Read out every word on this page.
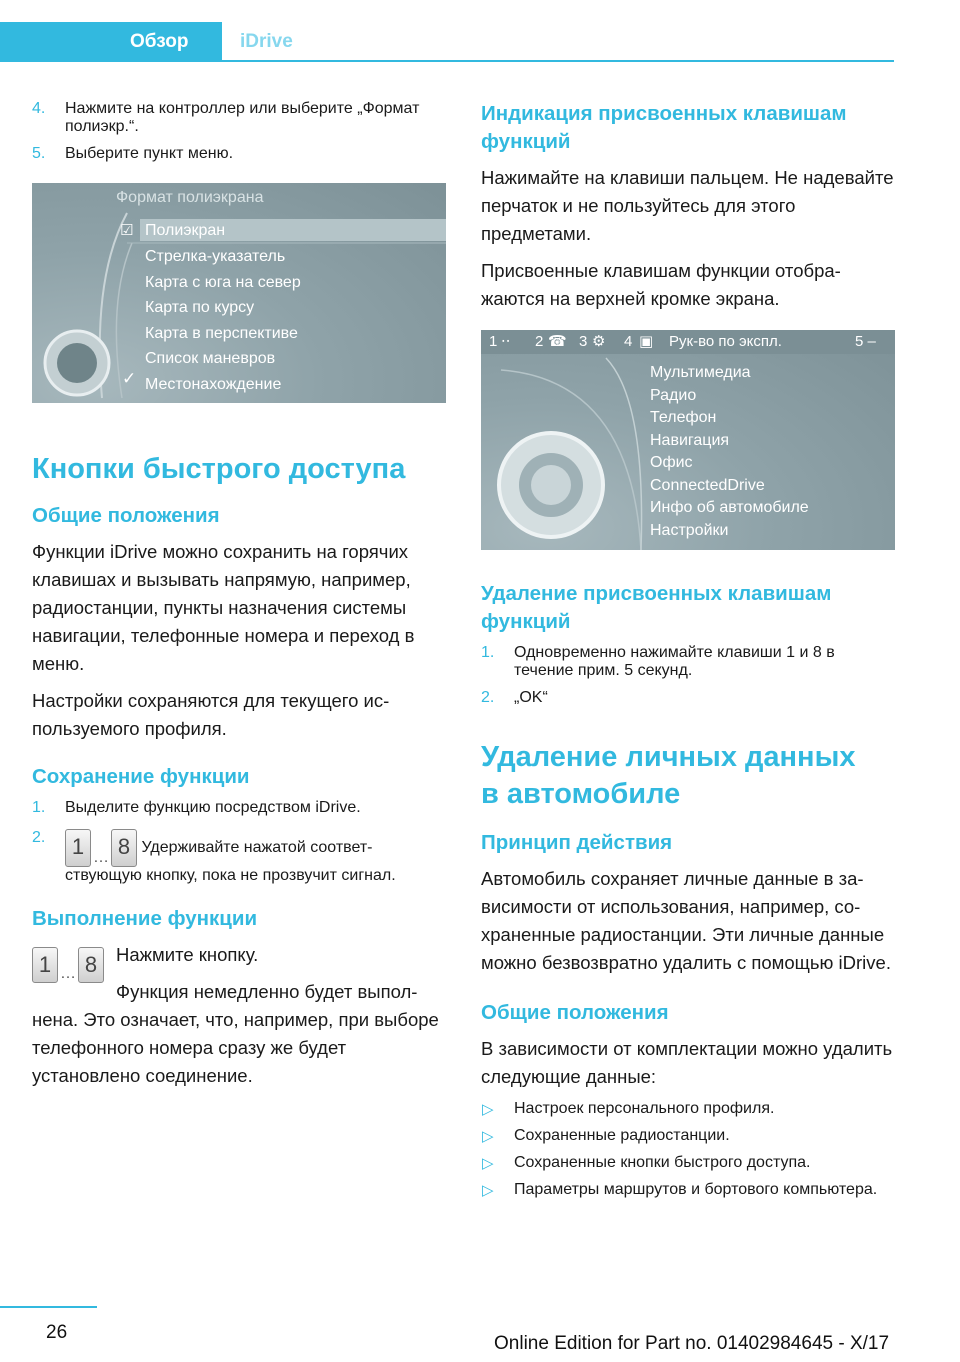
Обзор	iDrive
4. Нажмите на контроллер или выберите „Формат полиэкр.“.
5. Выберите пункт меню.
Формат полиэкрана
☑ Полиэкран
Стрелка-указатель
Карта с юга на север
Карта по курсу
Карта в перспективе
Список маневров
✓ Местонахождение
Кнопки быстрого доступа
Общие положения

Функции iDrive можно сохранить на горячих клавишах и вызывать напрямую, например, радиостанции, пункты назначения системы навигации, телефонные номера и переход в меню.

Настройки сохраняются для текущего используемого профиля.

Сохранение функции
1. Выделите функцию посредством iDrive.
2. 1 … 8 Удерживайте нажатой соответствующую кнопку, пока не прозвучит сигнал.
Выполнение функции
1 … 8	Нажмите кнопку.

Функция немедленно будет выполнена. Это означает, что, например, при выборе телефонного номера сразу же будет установлено соединение.

Индикация присвоенных клавишам функций

Нажимайте на клавиши пальцем. Не надевайте перчаток и не пользуйтесь для этого предметами.

Присвоенные клавишам функции отображаются на верхней кромке экрана.

1 ⋅⋅ 2 ☎ 3 ⚙ 4 ▣ Рук-во по экспл.	5 –
Мультимедиа
Радио
Телефон
Навигация
Офис
ConnectedDrive
Инфо об автомобиле
Настройки
Удаление присвоенных клавишам функций
1. Одновременно нажимайте клавиши 1 и 8 в течение прим. 5 секунд.
2. „OK“
Удаление личных данных в автомобиле
Принцип действия

Автомобиль сохраняет личные данные в зависимости от использования, например, сохраненные радиостанции. Эти личные данные можно безвозвратно удалить с помощью iDrive.

Общие положения

В зависимости от комплектации можно удалить следующие данные:

▷ Настроек персонального профиля.
▷ Сохраненные радиостанции.
▷ Сохраненные кнопки быстрого доступа.
▷ Параметры маршрутов и бортового компьютера.
26
Online Edition for Part no. 01402984645 - X/17
